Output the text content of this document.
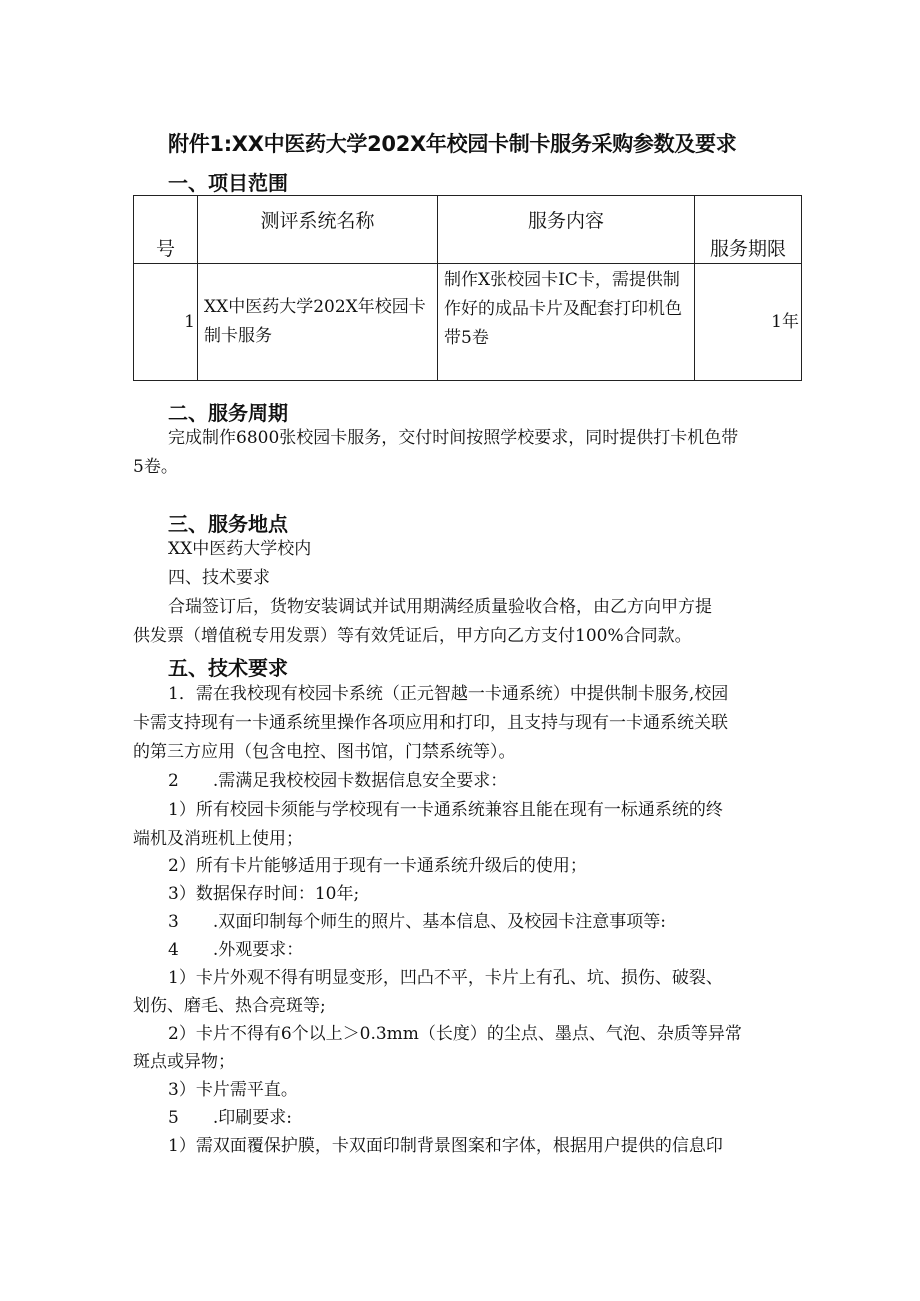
附件1:XX中医药大学202X年校园卡制卡服务采购参数及要求
一、项目范围
号	测评系统名称	服务内容	服务期限
1	XX中医药大学202X年校园卡制卡服务	制作X张校园卡IC卡，需提供制作好的成品卡片及配套打印机色带5卷	1年
二、服务周期
完成制作6800张校园卡服务，交付时间按照学校要求，同时提供打卡机色带
5卷。
三、服务地点
XX中医药大学校内
四、技术要求
合瑞签订后，货物安装调试并试用期满经质量验收合格，由乙方向甲方提
供发票（增值税专用发票）等有效凭证后，甲方向乙方支付100%合同款。
五、技术要求
1．需在我校现有校园卡系统（正元智越一卡通系统）中提供制卡服务,校园
卡需支持现有一卡通系统里操作各项应用和打印，且支持与现有一卡通系统关联
的第三方应用（包含电控、图书馆，门禁系统等）。
2　　.需满足我校校园卡数据信息安全要求：
1）所有校园卡须能与学校现有一卡通系统兼容且能在现有一标通系统的终
端机及消班机上使用；
2）所有卡片能够适用于现有一卡通系统升级后的使用；
3）数据保存时间：10年;
3　　.双面印制每个师生的照片、基本信息、及校园卡注意事项等:
4　　.外观要求：
1）卡片外观不得有明显变形，凹凸不平，卡片上有孔、坑、损伤、破裂、
划伤、磨毛、热合亮斑等;
2）卡片不得有6个以上＞0.3mm（长度）的尘点、墨点、气泡、杂质等异常
斑点或异物；
3）卡片需平直。
5　　.印刷要求:
1）需双面覆保护膜，卡双面印制背景图案和字体，根据用户提供的信息印
